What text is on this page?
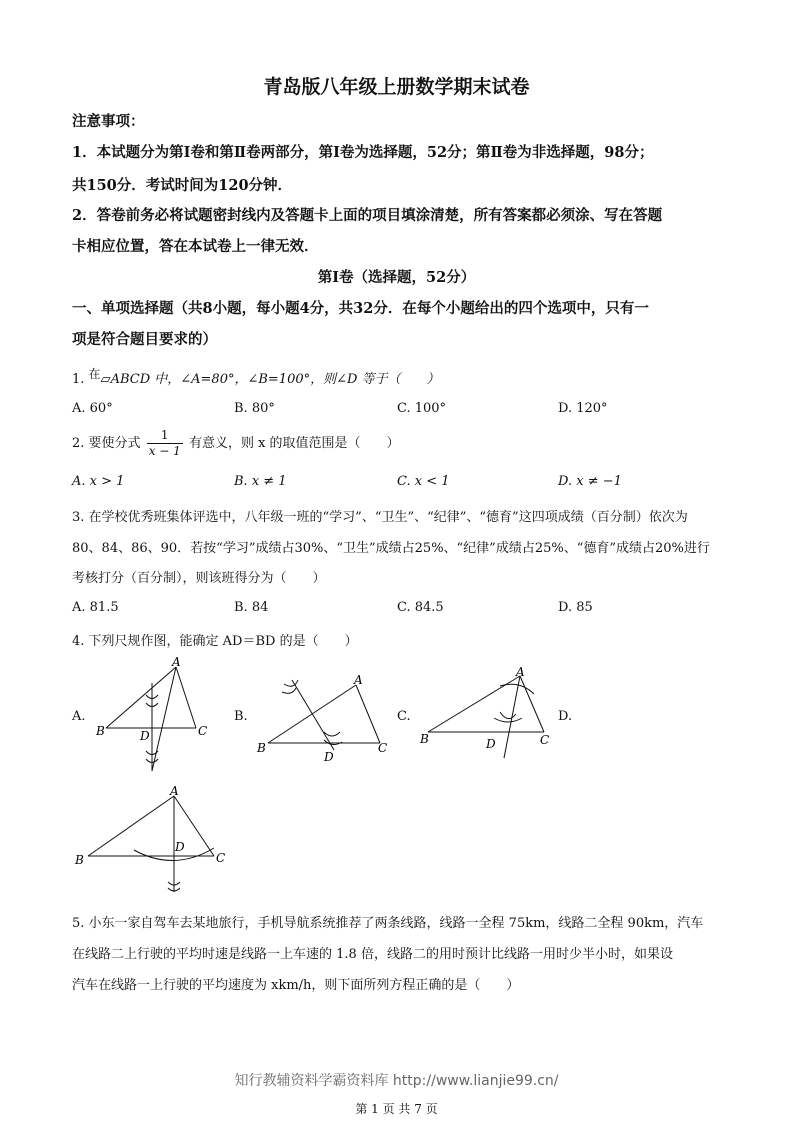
青岛版八年级上册数学期末试卷
注意事项：
1．本试题分为第Ⅰ卷和第Ⅱ卷两部分，第Ⅰ卷为选择题，52分；第Ⅱ卷为非选择题，98分；
共150分．考试时间为120分钟．
2．答卷前务必将试题密封线内及答题卡上面的项目填涂清楚，所有答案都必须涂、写在答题
卡相应位置，答在本试卷上一律无效．
第Ⅰ卷（选择题，52分）
一、单项选择题（共8小题，每小题4分，共32分．在每个小题给出的四个选项中，只有一
项是符合题目要求的）
1. 在▱ABCD 中，∠A=80°，∠B=100°，则∠D 等于（　　）
A. 60°	B. 80°	C. 100°	D. 120°
2. 要使分式 $\frac{1}{x - 1}$ 有意义，则 x 的取值范围是（　　）
A. x > 1	B. x ≠ 1	C. x < 1	D. x ≠ −1
3. 在学校优秀班集体评选中，八年级一班的“学习”、“卫生”、“纪律”、“德育”这四项成绩（百分制）依次为
80、84、86、90．若按“学习”成绩占30%、“卫生”成绩占25%、“纪律”成绩占25%、“德育”成绩占20%进行
考核打分（百分制），则该班得分为（　　）
A. 81.5	B. 84	C. 84.5	D. 85
4. 下列尺规作图，能确定 AD＝BD 的是（　　）
A.	B.	C.	D.
A
B	C
D
A
B	C
D
A
B	C
D
A
B	C
D
5. 小东一家自驾车去某地旅行，手机导航系统推荐了两条线路，线路一全程 75km，线路二全程 90km，汽车
在线路二上行驶的平均时速是线路一上车速的 1.8 倍，线路二的用时预计比线路一用时少半小时，如果设
汽车在线路一上行驶的平均速度为 xkm/h，则下面所列方程正确的是（　　）
知行教辅资料学霸资料库 http://www.lianjie99.cn/
第 1 页 共 7 页
